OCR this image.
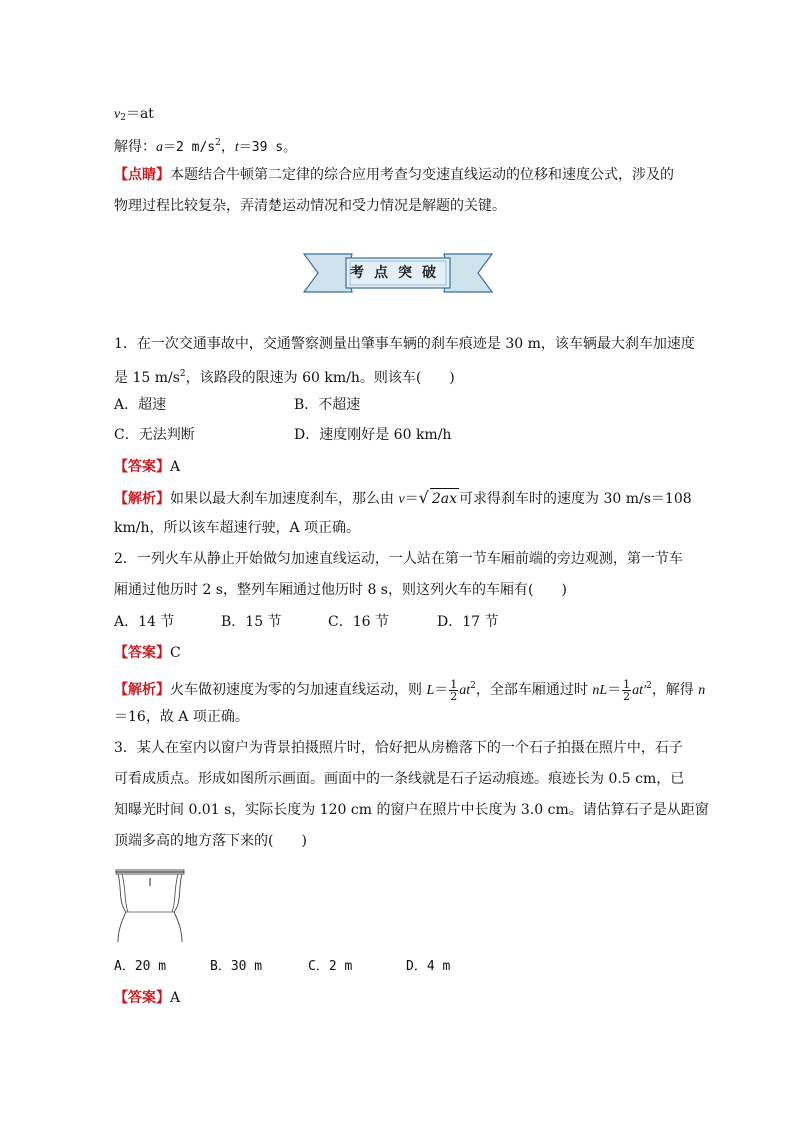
$v_2=at$
解得：a＝2 $m/s^2$，t＝39 s。
【点睛】本题结合牛顿第二定律的综合应用考查匀变速直线运动的位移和速度公式，涉及的
物理过程比较复杂，弄清楚运动情况和受力情况是解题的关键。
考点突破
1．在一次交通事故中，交通警察测量出肇事车辆的刹车痕迹是 30 m，该车辆最大刹车加速度
是 15 $m/s^2$，该路段的限速为 60 km/h。则该车(　　)
A．超速	B．不超速
C．无法判断	D．速度刚好是 60 km/h
【答案】A
【解析】如果以最大刹车加速度刹车，那么由 v＝√ 2ax 可求得刹车时的速度为 30 m/s＝108
km/h，所以该车超速行驶，A 项正确。
2．一列火车从静止开始做匀加速直线运动，一人站在第一节车厢前端的旁边观测，第一节车
厢通过他历时 2 s，整列车厢通过他历时 8 s，则这列火车的车厢有(　　)
A．14 节	B．15 节	C．16 节	D．17 节
【答案】C
【解析】火车做初速度为零的匀加速直线运动，则 $L= \frac{1}{2} at^2$，全部车厢通过时 $nL= \frac{1}{2} at'^2$，解得 n
＝16，故 A 项正确。
3．某人在室内以窗户为背景拍摄照片时，恰好把从房檐落下的一个石子拍摄在照片中，石子
可看成质点。形成如图所示画面。画面中的一条线就是石子运动痕迹。痕迹长为 0.5 cm，已
知曝光时间 0.01 s，实际长度为 120 cm 的窗户在照片中长度为 3.0 cm。请估算石子是从距窗
顶端多高的地方落下来的(　　)
A．20 m	B．30 m	C．2 m	D．4 m
【答案】A
